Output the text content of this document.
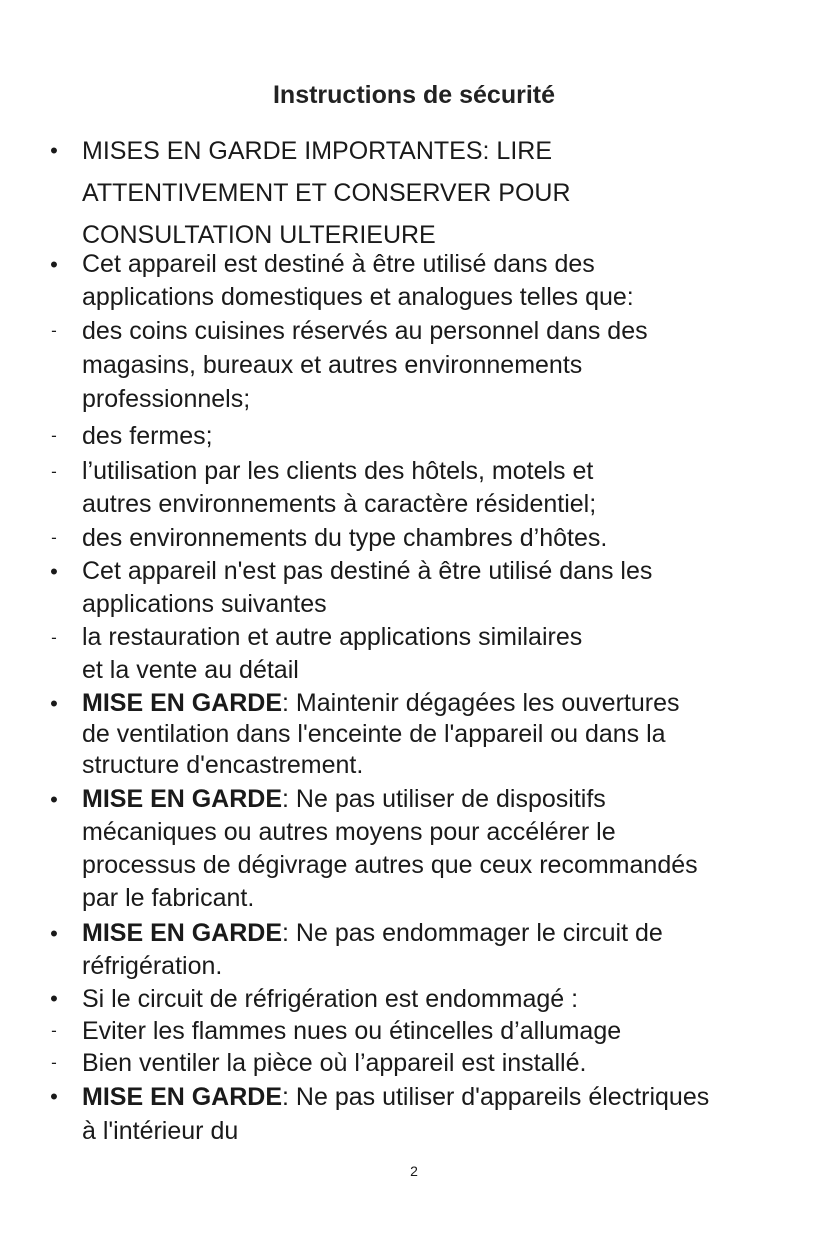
Instructions de sécurité
• MISES EN GARDE IMPORTANTES: LIRE
ATTENTIVEMENT ET CONSERVER POUR
CONSULTATION ULTERIEURE
• Cet appareil est destiné à être utilisé dans des
applications domestiques et analogues telles que:
-	des coins cuisines réservés au personnel dans des
magasins, bureaux et autres environnements
professionnels;
-	des fermes;
-	l’utilisation par les clients des hôtels, motels et
autres environnements à caractère résidentiel;
-	des environnements du type chambres d’hôtes.
• Cet appareil n'est pas destiné à être utilisé dans les
applications suivantes
-	la restauration et autre applications similaires
et la vente au détail
• MISE EN GARDE: Maintenir dégagées les ouvertures
de ventilation dans l'enceinte de l'appareil ou dans la
structure d'encastrement.
• MISE EN GARDE: Ne pas utiliser de dispositifs
mécaniques ou autres moyens pour accélérer le
processus de dégivrage autres que ceux recommandés
par le fabricant.
• MISE EN GARDE: Ne pas endommager le circuit de
réfrigération.
• Si le circuit de réfrigération est endommagé :
-	Eviter les flammes nues ou étincelles d’allumage
-	Bien ventiler la pièce où l’appareil est installé.
• MISE EN GARDE: Ne pas utiliser d'appareils électriques
à l'intérieur du
2
